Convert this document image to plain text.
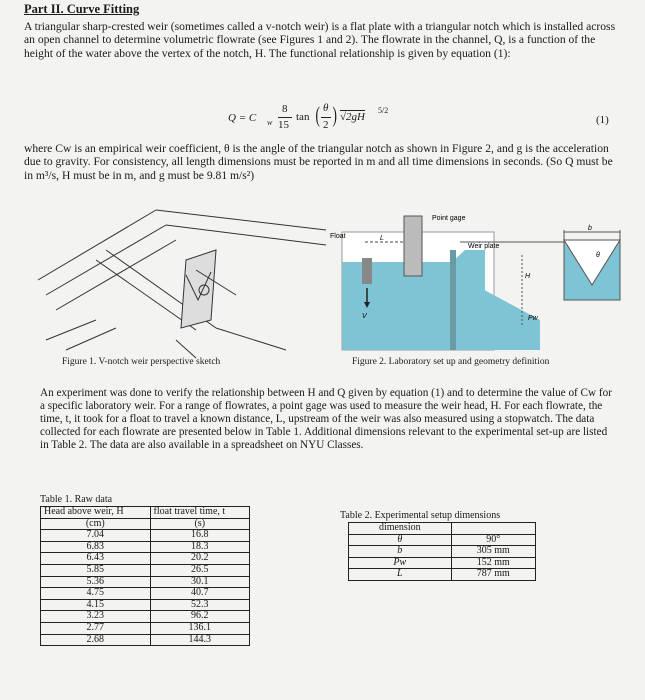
Part II. Curve Fitting
A triangular sharp-crested weir (sometimes called a v-notch weir) is a flat plate with a triangular notch which is installed across an open channel to determine volumetric flowrate (see Figures 1 and 2). The flowrate in the channel, Q, is a function of the height of the water above the vertex of the notch, H. The functional relationship is given by equation (1):
Q = C w
8
15
tan ( θ
2 ) √2gH
5/2
(1)
where Cw is an empirical weir coefficient, θ is the angle of the triangular notch as shown in Figure 2, and g is the acceleration due to gravity. For consistency, all length dimensions must be reported in m and all time dimensions in seconds. (So Q must be in m³/s, H must be in m, and g must be 9.81 m/s²)
Figure 1. V-notch weir perspective sketch
Point gage
Float	L
Weir plate
b
H
Pw
V
θ
Figure 2. Laboratory set up and geometry definition
An experiment was done to verify the relationship between H and Q given by equation (1) and to determine the value of Cw for a specific laboratory weir. For a range of flowrates, a point gage was used to measure the weir head, H. For each flowrate, the time, t, it took for a float to travel a known distance, L, upstream of the weir was also measured using a stopwatch. The data collected for each flowrate are presented below in Table 1. Additional dimensions relevant to the experimental set-up are listed in Table 2. The data are also available in a spreadsheet on NYU Classes.
Table 1. Raw data
Head above weir, H	float travel time, t
(cm)	(s)
7.04	16.8
6.83	18.3
6.43	20.2
5.85	26.5
5.36	30.1
4.75	40.7
4.15	52.3
3.23	96.2
2.77	136.1
2.68	144.3
Table 2. Experimental setup dimensions
dimension	
θ	90°
b	305 mm
Pw	152 mm
L	787 mm
